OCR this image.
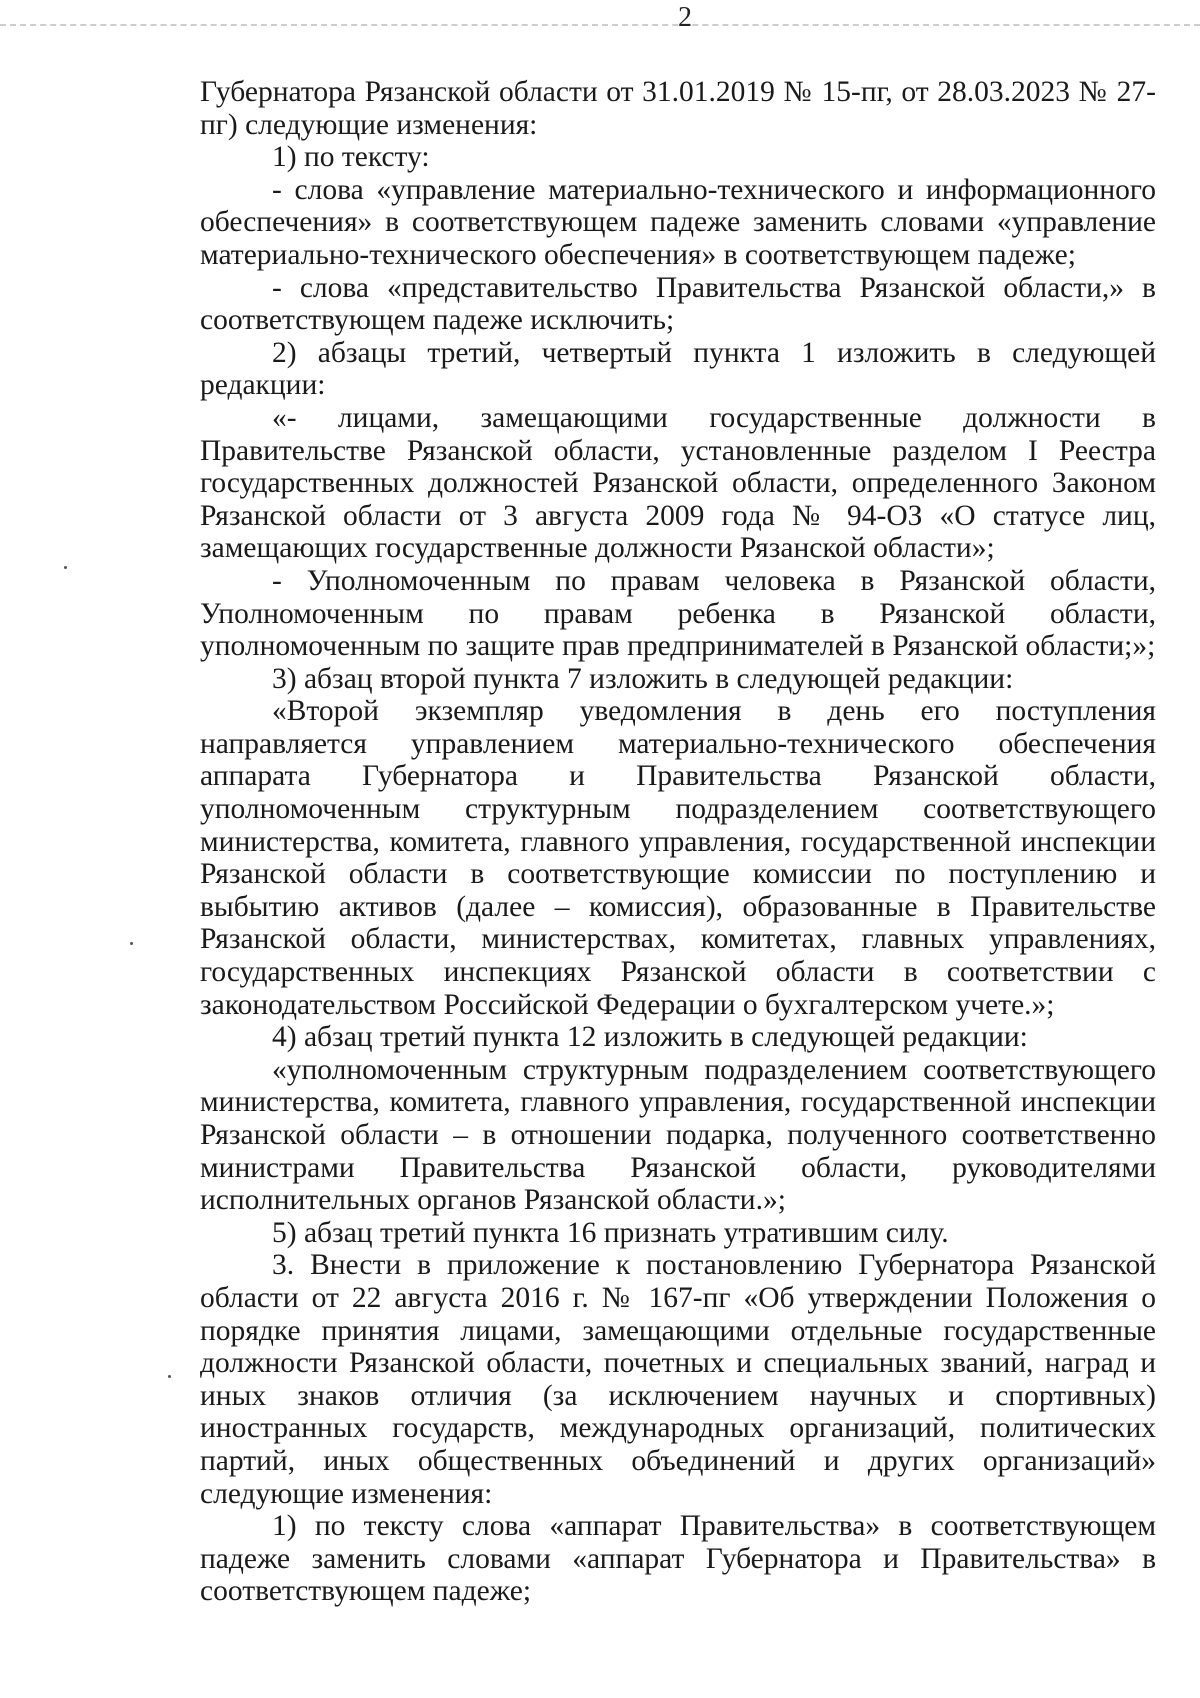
2

Губернатора Рязанской области от 31.01.2019 № 15-пг, от 28.03.2023 № 27-пг) следующие изменения:

1) по тексту:

- слова «управление материально-технического и информационного обеспечения» в соответствующем падеже заменить словами «управление материально-технического обеспечения» в соответствующем падеже;

- слова «представительство Правительства Рязанской области,» в соответствующем падеже исключить;

2) абзацы третий, четвертый пункта 1 изложить в следующей редакции:

«- лицами, замещающими государственные должности в Правительстве Рязанской области, установленные разделом I Реестра государственных должностей Рязанской области, определенного Законом Рязанской области от 3 августа 2009 года № 94-ОЗ «О статусе лиц, замещающих государственные должности Рязанской области»;

- Уполномоченным по правам человека в Рязанской области, Уполномоченным по правам ребенка в Рязанской области, уполномоченным по защите прав предпринимателей в Рязанской области;»;

3) абзац второй пункта 7 изложить в следующей редакции:

«Второй экземпляр уведомления в день его поступления направляется управлением материально-технического обеспечения аппарата Губернатора и Правительства Рязанской области, уполномоченным структурным подразделением соответствующего министерства, комитета, главного управления, государственной инспекции Рязанской области в соответствующие комиссии по поступлению и выбытию активов (далее – комиссия), образованные в Правительстве Рязанской области, министерствах, комитетах, главных управлениях, государственных инспекциях Рязанской области в соответствии с законодательством Российской Федерации о бухгалтерском учете.»;

4) абзац третий пункта 12 изложить в следующей редакции:

«уполномоченным структурным подразделением соответствующего министерства, комитета, главного управления, государственной инспекции Рязанской области – в отношении подарка, полученного соответственно министрами Правительства Рязанской области, руководителями исполнительных органов Рязанской области.»;

5) абзац третий пункта 16 признать утратившим силу.

3. Внести в приложение к постановлению Губернатора Рязанской области от 22 августа 2016 г. № 167-пг «Об утверждении Положения о порядке принятия лицами, замещающими отдельные государственные должности Рязанской области, почетных и специальных званий, наград и иных знаков отличия (за исключением научных и спортивных) иностранных государств, международных организаций, политических партий, иных общественных объединений и других организаций» следующие изменения:

1) по тексту слова «аппарат Правительства» в соответствующем падеже заменить словами «аппарат Губернатора и Правительства» в соответствующем падеже;
